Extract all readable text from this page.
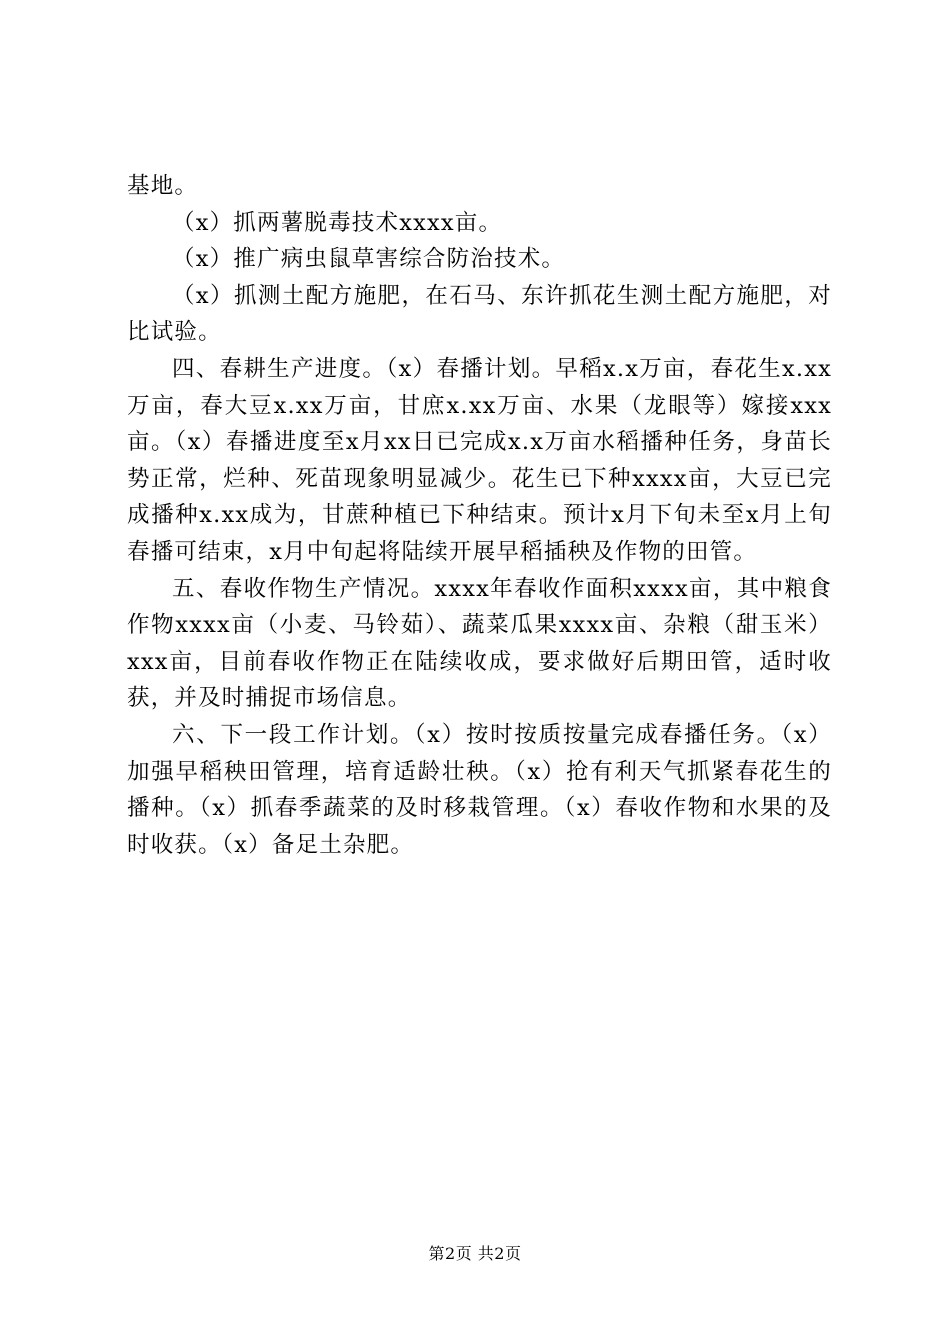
基地。

（x）抓两薯脱毒技术xxxx亩。

（x）推广病虫鼠草害综合防治技术。

（x）抓测土配方施肥，在石马、东许抓花生测土配方施肥，对比试验。

四、春耕生产进度。（x）春播计划。早稻x.x万亩，春花生x.xx万亩，春大豆x.xx万亩，甘庶x.xx万亩、水果（龙眼等）嫁接xxx亩。（x）春播进度至x月xx日已完成x.x万亩水稻播种任务，身苗长势正常，烂种、死苗现象明显减少。花生已下种xxxx亩，大豆已完成播种x.xx成为，甘蔗种植已下种结束。预计x月下旬未至x月上旬春播可结束，x月中旬起将陆续开展早稻插秧及作物的田管。

五、春收作物生产情况。xxxx年春收作面积xxxx亩，其中粮食作物xxxx亩（小麦、马铃茹）、蔬菜瓜果xxxx亩、杂粮（甜玉米）xxx亩，目前春收作物正在陆续收成，要求做好后期田管，适时收获，并及时捕捉市场信息。

六、下一段工作计划。（x）按时按质按量完成春播任务。（x）加强早稻秧田管理，培育适龄壮秧。（x）抢有利天气抓紧春花生的播种。（x）抓春季蔬菜的及时移栽管理。（x）春收作物和水果的及时收获。（x）备足土杂肥。

第2页 共2页
